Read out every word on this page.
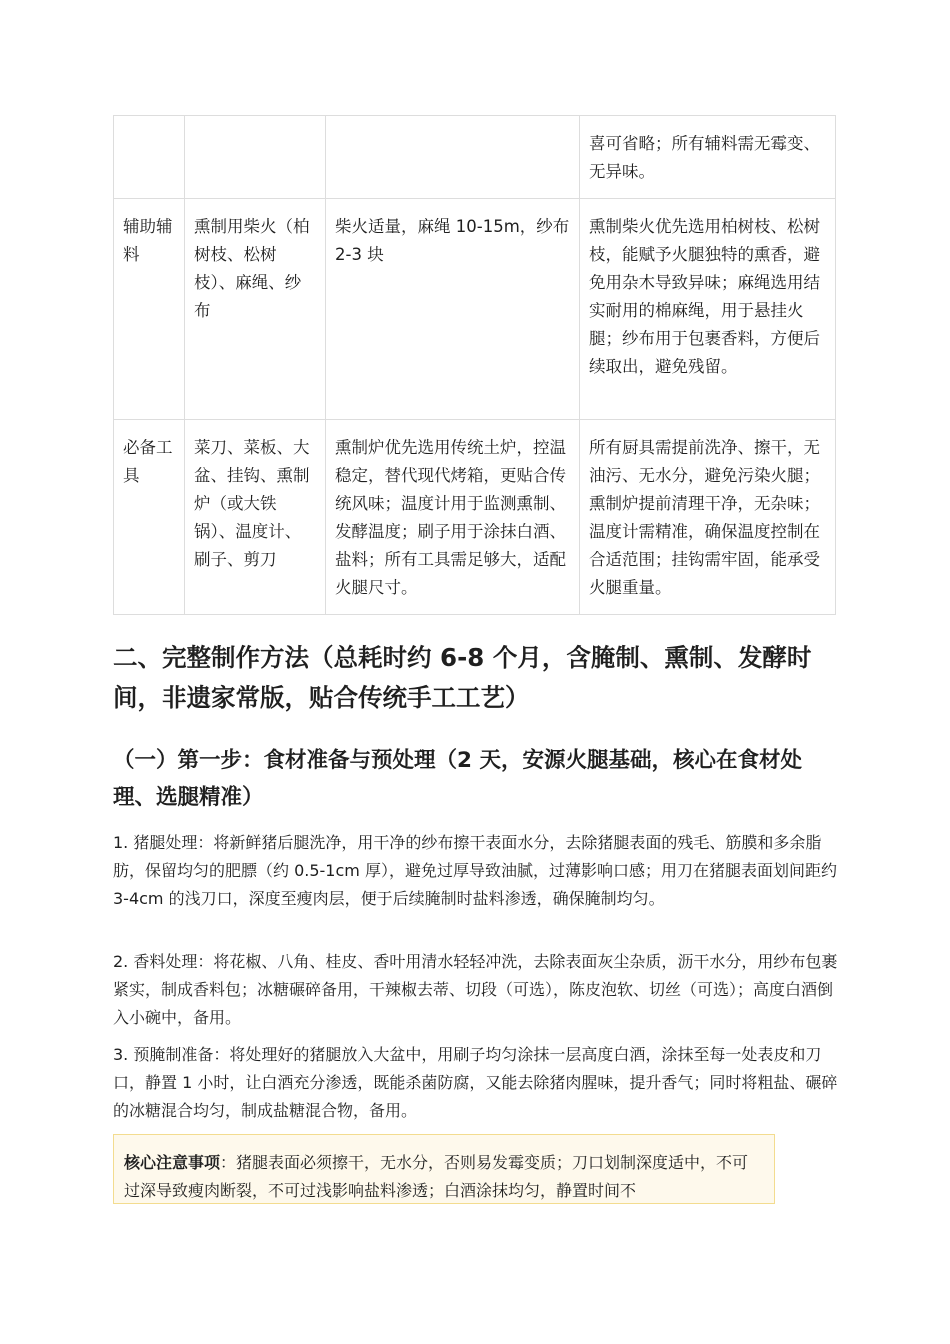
			喜可省略；所有辅料需无霉变、无异味。
辅助辅料	熏制用柴火（柏树枝、松树枝）、麻绳、纱布	柴火适量，麻绳 10-15m，纱布 2-3 块	熏制柴火优先选用柏树枝、松树枝，能赋予火腿独特的熏香，避免用杂木导致异味；麻绳选用结实耐用的棉麻绳，用于悬挂火腿；纱布用于包裹香料，方便后续取出，避免残留。
必备工具	菜刀、菜板、大盆、挂钩、熏制炉（或大铁锅）、温度计、刷子、剪刀	熏制炉优先选用传统土炉，控温稳定，替代现代烤箱，更贴合传统风味；温度计用于监测熏制、发酵温度；刷子用于涂抹白酒、盐料；所有工具需足够大，适配火腿尺寸。	所有厨具需提前洗净、擦干，无油污、无水分，避免污染火腿；熏制炉提前清理干净，无杂味；温度计需精准，确保温度控制在合适范围；挂钩需牢固，能承受火腿重量。
二、完整制作方法（总耗时约 6-8 个月，含腌制、熏制、发酵时间，非遗家常版，贴合传统手工工艺）
（一）第一步：食材准备与预处理（2 天，安源火腿基础，核心在食材处理、选腿精准）

1. 猪腿处理：将新鲜猪后腿洗净，用干净的纱布擦干表面水分，去除猪腿表面的残毛、筋膜和多余脂肪，保留均匀的肥膘（约 0.5-1cm 厚），避免过厚导致油腻，过薄影响口感；用刀在猪腿表面划间距约 3-4cm 的浅刀口，深度至瘦肉层，便于后续腌制时盐料渗透，确保腌制均匀。

2. 香料处理：将花椒、八角、桂皮、香叶用清水轻轻冲洗，去除表面灰尘杂质，沥干水分，用纱布包裹紧实，制成香料包；冰糖碾碎备用，干辣椒去蒂、切段（可选），陈皮泡软、切丝（可选）；高度白酒倒入小碗中，备用。

3. 预腌制准备：将处理好的猪腿放入大盆中，用刷子均匀涂抹一层高度白酒，涂抹至每一处表皮和刀口，静置 1 小时，让白酒充分渗透，既能杀菌防腐，又能去除猪肉腥味，提升香气；同时将粗盐、碾碎的冰糖混合均匀，制成盐糖混合物，备用。

核心注意事项：猪腿表面必须擦干，无水分，否则易发霉变质；刀口划制深度适中，不可过深导致瘦肉断裂，不可过浅影响盐料渗透；白酒涂抹均匀，静置时间不
